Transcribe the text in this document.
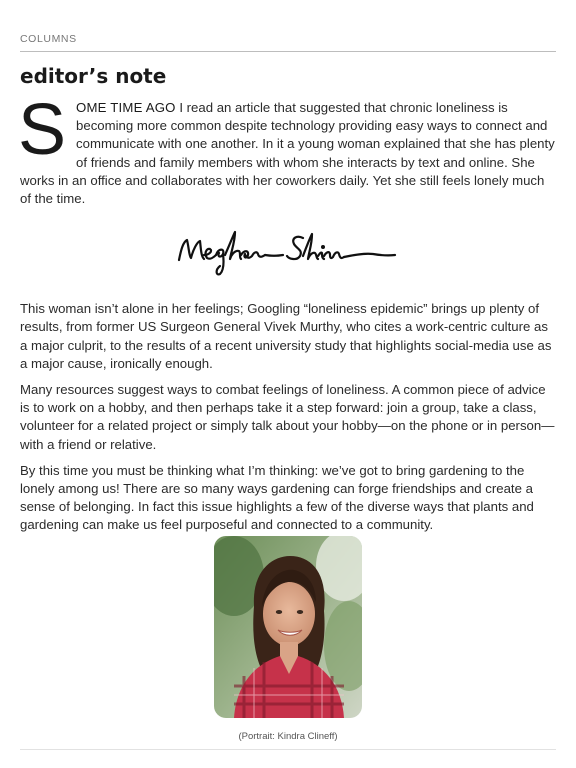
COLUMNS
editor’s note

SOME TIME AGO I read an article that suggested that chronic loneliness is becoming more common despite technology providing easy ways to connect and communicate with one another. In it a young woman explained that she has plenty of friends and family members with whom she interacts by text and online. She works in an office and collaborates with her coworkers daily. Yet she still feels lonely much of the time.

This woman isn’t alone in her feelings; Googling “loneliness epidemic” brings up plenty of results, from former US Surgeon General Vivek Murthy, who cites a work-centric culture as a major culprit, to the results of a recent university study that highlights social-media use as a major cause, ironically enough.

Many resources suggest ways to combat feelings of loneliness. A common piece of advice is to work on a hobby, and then perhaps take it a step forward: join a group, take a class, volunteer for a related project or simply talk about your hobby—on the phone or in person—with a friend or relative.

By this time you must be thinking what I’m thinking: we’ve got to bring gardening to the lonely among us! There are so many ways gardening can forge friendships and create a sense of belonging. In fact this issue highlights a few of the diverse ways that plants and gardening can make us feel purposeful and connected to a community.

(Portrait: Kindra Clineff)
